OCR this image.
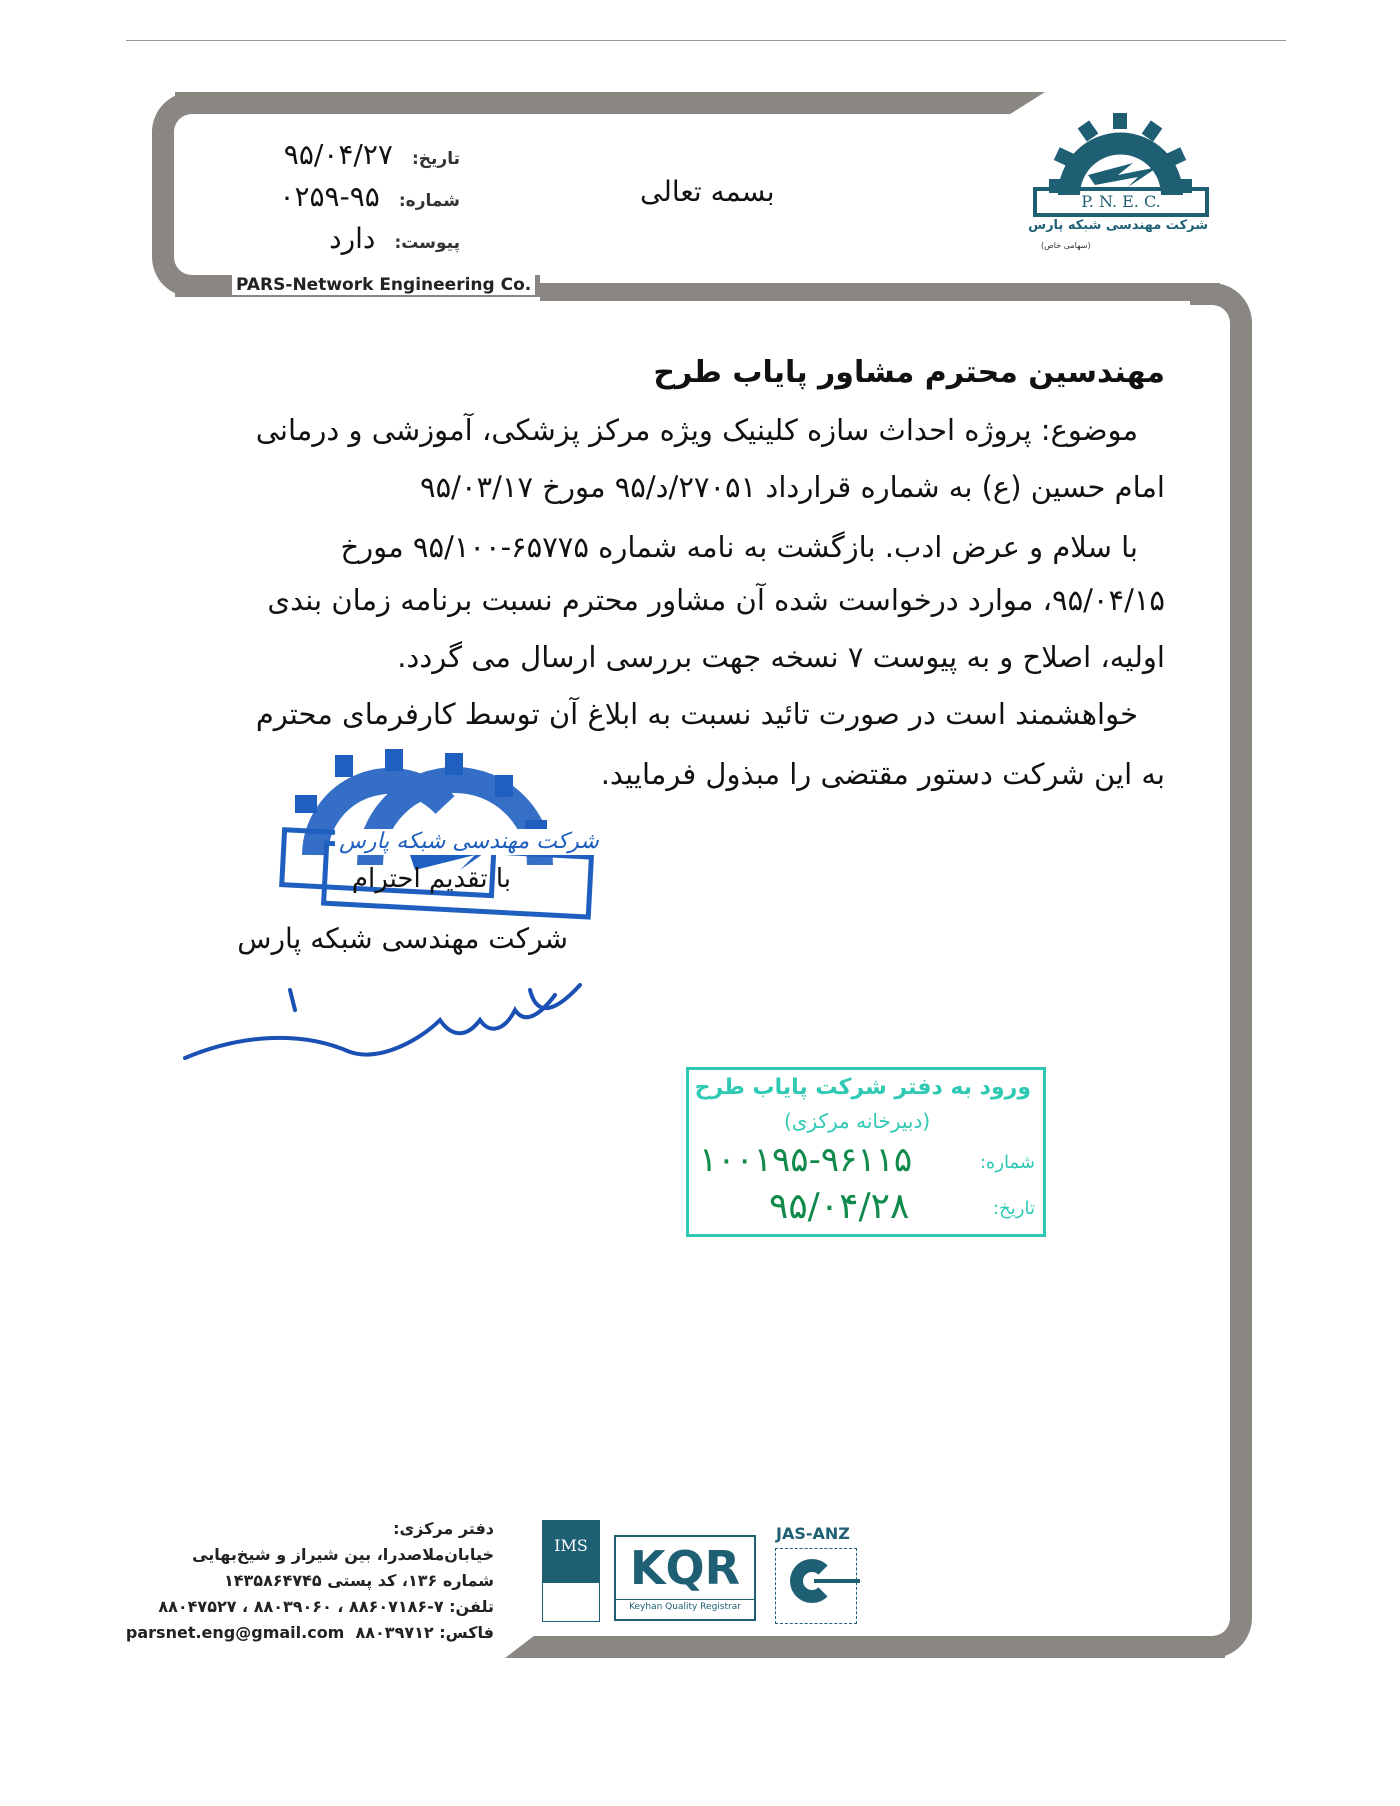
PARS-Network Engineering Co.
P. N. E. C.
شرکت مهندسی شبکه پارس
(سهامی خاص)
تاریخ: ۹۵/۰۴/۲۷
شماره: ۹۵-۰۲۵۹
پیوست: دارد
بسمه تعالی
مهندسین محترم مشاور پایاب طرح
موضوع: پروژه احداث سازه کلینیک ویژه مرکز پزشکی، آموزشی و درمانی
امام حسین (ع) به شماره قرارداد ۲۷۰۵۱/د/۹۵ مورخ ۹۵/۰۳/۱۷
با سلام و عرض ادب. بازگشت به نامه شماره ۶۵۷۷۵-۹۵/۱۰۰ مورخ
۹۵/۰۴/۱۵، موارد درخواست شده آن مشاور محترم نسبت برنامه زمان بندی
اولیه، اصلاح و به پیوست ۷ نسخه جهت بررسی ارسال می گردد.
خواهشمند است در صورت تائید نسبت به ابلاغ آن توسط کارفرمای محترم
به این شرکت دستور مقتضی را مبذول فرمایید.
شرکت مهندسی شبکه پارس
با تقدیم احترام
شرکت مهندسی شبکه پارس
ورود به دفتر شرکت پایاب طرح
(دبیرخانه مرکزی)
شماره:
۱۰۰۱۹۵-۹۶۱۱۵
تاریخ:
۹۵/۰۴/۲۸
دفتر مرکزی:
خیابان‌ملاصدرا، بین شیراز و شیخ‌بهایی
شماره ۱۳۶، کد پستی ۱۴۳۵۸۶۴۷۴۵
تلفن: ۷-۸۸۶۰۷۱۸۶ ، ۸۸۰۳۹۰۶۰ ، ۸۸۰۴۷۵۲۷
فاکس: ۸۸۰۳۹۷۱۲  parsnet.eng@gmail.com
IMS KQR
Keyhan Quality Registrar
JAS-ANZ
